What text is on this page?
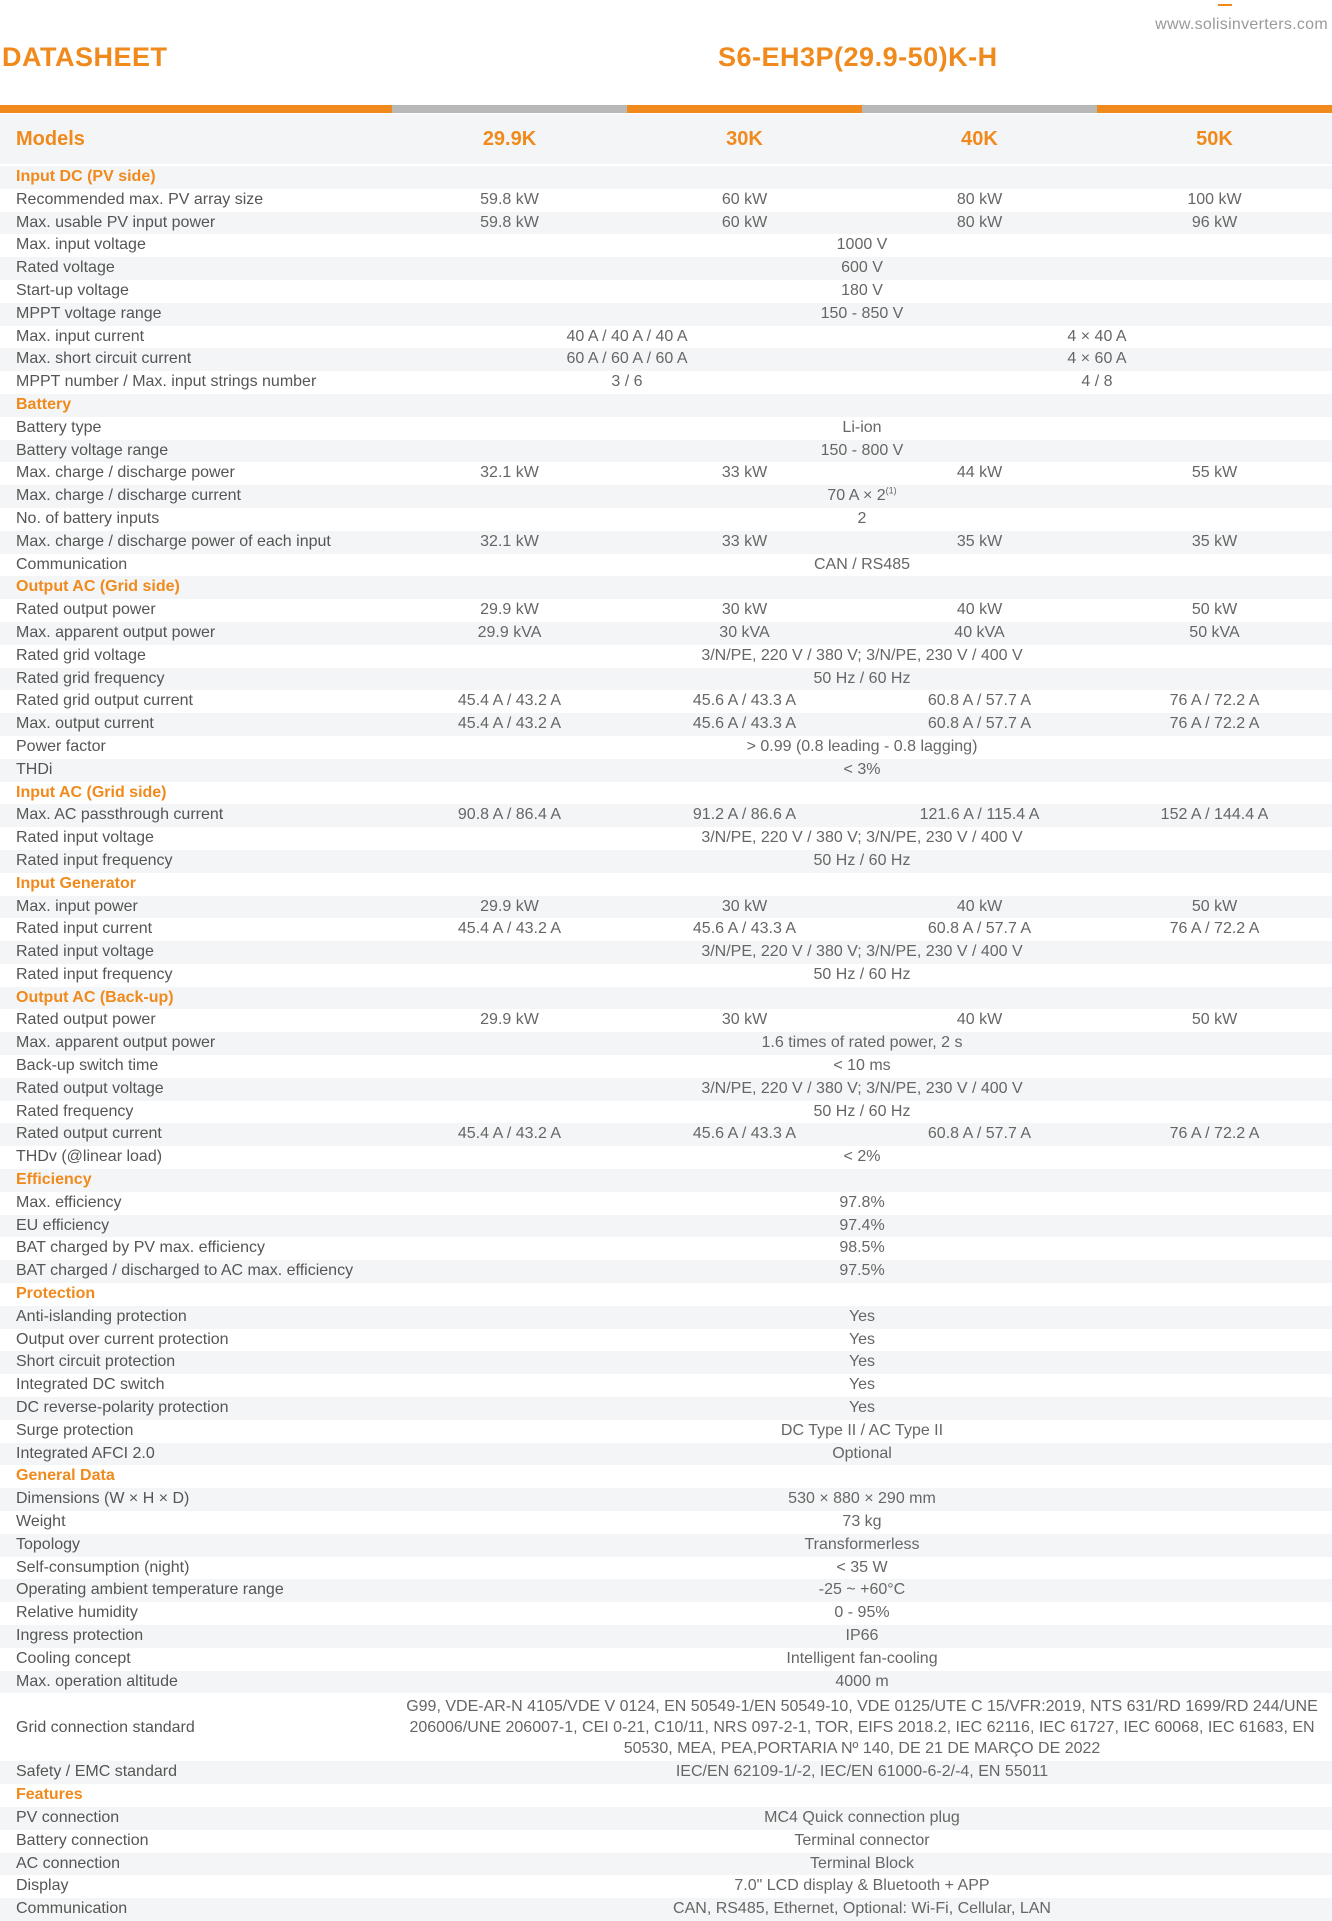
www.solisinverters.com
DATASHEET	S6-EH3P(29.9-50)K-H
Models	29.9K	30K	40K	50K
Input DC (PV side)
Recommended max. PV array size	59.8 kW	60 kW	80 kW	100 kW
Max. usable PV input power	59.8 kW	60 kW	80 kW	96 kW
Max. input voltage	1000 V
Rated voltage	600 V
Start-up voltage	180 V
MPPT voltage range	150 - 850 V
Max. input current	40 A / 40 A / 40 A	4 × 40 A
Max. short circuit current	60 A / 60 A / 60 A	4 × 60 A
MPPT number / Max. input strings number	3 / 6	4 / 8
Battery
Battery type	Li-ion
Battery voltage range	150 - 800 V
Max. charge / discharge power	32.1 kW	33 kW	44 kW	55 kW
Max. charge / discharge current	70 $A \times 2^{(1)}$
No. of battery inputs	2
Max. charge / discharge power of each input	32.1 kW	33 kW	35 kW	35 kW
Communication	CAN / RS485
Output AC (Grid side)
Rated output power	29.9 kW	30 kW	40 kW	50 kW
Max. apparent output power	29.9 kVA	30 kVA	40 kVA	50 kVA
Rated grid voltage	3/N/PE, 220 V / 380 V; 3/N/PE, 230 V / 400 V
Rated grid frequency	50 Hz / 60 Hz
Rated grid output current	45.4 A / 43.2 A	45.6 A / 43.3 A	60.8 A / 57.7 A	76 A / 72.2 A
Max. output current	45.4 A / 43.2 A	45.6 A / 43.3 A	60.8 A / 57.7 A	76 A / 72.2 A
Power factor	> 0.99 (0.8 leading - 0.8 lagging)
THDi	< 3%
Input AC (Grid side)
Max. AC passthrough current	90.8 A / 86.4 A	91.2 A / 86.6 A	121.6 A / 115.4 A	152 A / 144.4 A
Rated input voltage	3/N/PE, 220 V / 380 V; 3/N/PE, 230 V / 400 V
Rated input frequency	50 Hz / 60 Hz
Input Generator
Max. input power	29.9 kW	30 kW	40 kW	50 kW
Rated input current	45.4 A / 43.2 A	45.6 A / 43.3 A	60.8 A / 57.7 A	76 A / 72.2 A
Rated input voltage	3/N/PE, 220 V / 380 V; 3/N/PE, 230 V / 400 V
Rated input frequency	50 Hz / 60 Hz
Output AC (Back-up)
Rated output power	29.9 kW	30 kW	40 kW	50 kW
Max. apparent output power	1.6 times of rated power, 2 s
Back-up switch time	< 10 ms
Rated output voltage	3/N/PE, 220 V / 380 V; 3/N/PE, 230 V / 400 V
Rated frequency	50 Hz / 60 Hz
Rated output current	45.4 A / 43.2 A	45.6 A / 43.3 A	60.8 A / 57.7 A	76 A / 72.2 A
THDv (@linear load)	< 2%
Efficiency
Max. efficiency	97.8%
EU efficiency	97.4%
BAT charged by PV max. efficiency	98.5%
BAT charged / discharged to AC max. efficiency	97.5%
Protection
Anti-islanding protection	Yes
Output over current protection	Yes
Short circuit protection	Yes
Integrated DC switch	Yes
DC reverse-polarity protection	Yes
Surge protection	DC Type II / AC Type II
Integrated AFCI 2.0	Optional
General Data
Dimensions (W × H × D)	530 × 880 × 290 mm
Weight	73 kg
Topology	Transformerless
Self-consumption (night)	< 35 W
Operating ambient temperature range	-25 ~ +60°C
Relative humidity	0 - 95%
Ingress protection	IP66
Cooling concept	Intelligent fan-cooling
Max. operation altitude	4000 m
Grid connection standard
G99, VDE-AR-N 4105/VDE V 0124, EN 50549-1/EN 50549-10, VDE 0125/UTE C 15/VFR:2019, NTS 631/RD 1699/RD 244/UNE 206006/UNE 206007-1, CEI 0-21, C10/11, NRS 097-2-1, TOR, EIFS 2018.2, IEC 62116, IEC 61727, IEC 60068, IEC 61683, EN 50530, MEA, PEA,PORTARIA Nº 140, DE 21 DE MARÇO DE 2022
Safety / EMC standard	IEC/EN 62109-1/-2, IEC/EN 61000-6-2/-4, EN 55011
Features
PV connection	MC4 Quick connection plug
Battery connection	Terminal connector
AC connection	Terminal Block
Display	7.0" LCD display & Bluetooth + APP
Communication	CAN, RS485, Ethernet, Optional: Wi-Fi, Cellular, LAN
